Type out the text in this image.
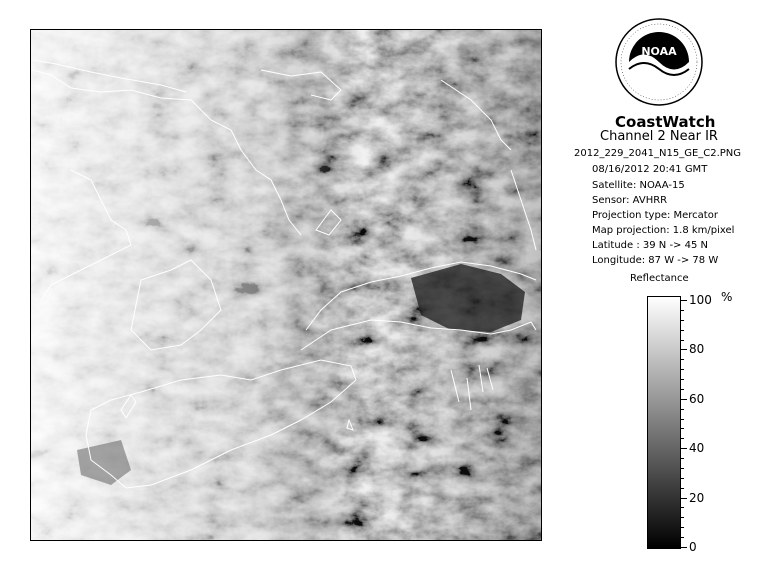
NOAA
CoastWatch
Channel 2 Near IR
2012_229_2041_N15_GE_C2.PNG
08/16/2012 20:41 GMT
Satellite: NOAA-15
Sensor: AVHRR
Projection type: Mercator
Map projection: 1.8 km/pixel
Latitude : 39 N -> 45 N
Longitude: 87 W -> 78 W
Reflectance
%
100
80
60
40
20
0
